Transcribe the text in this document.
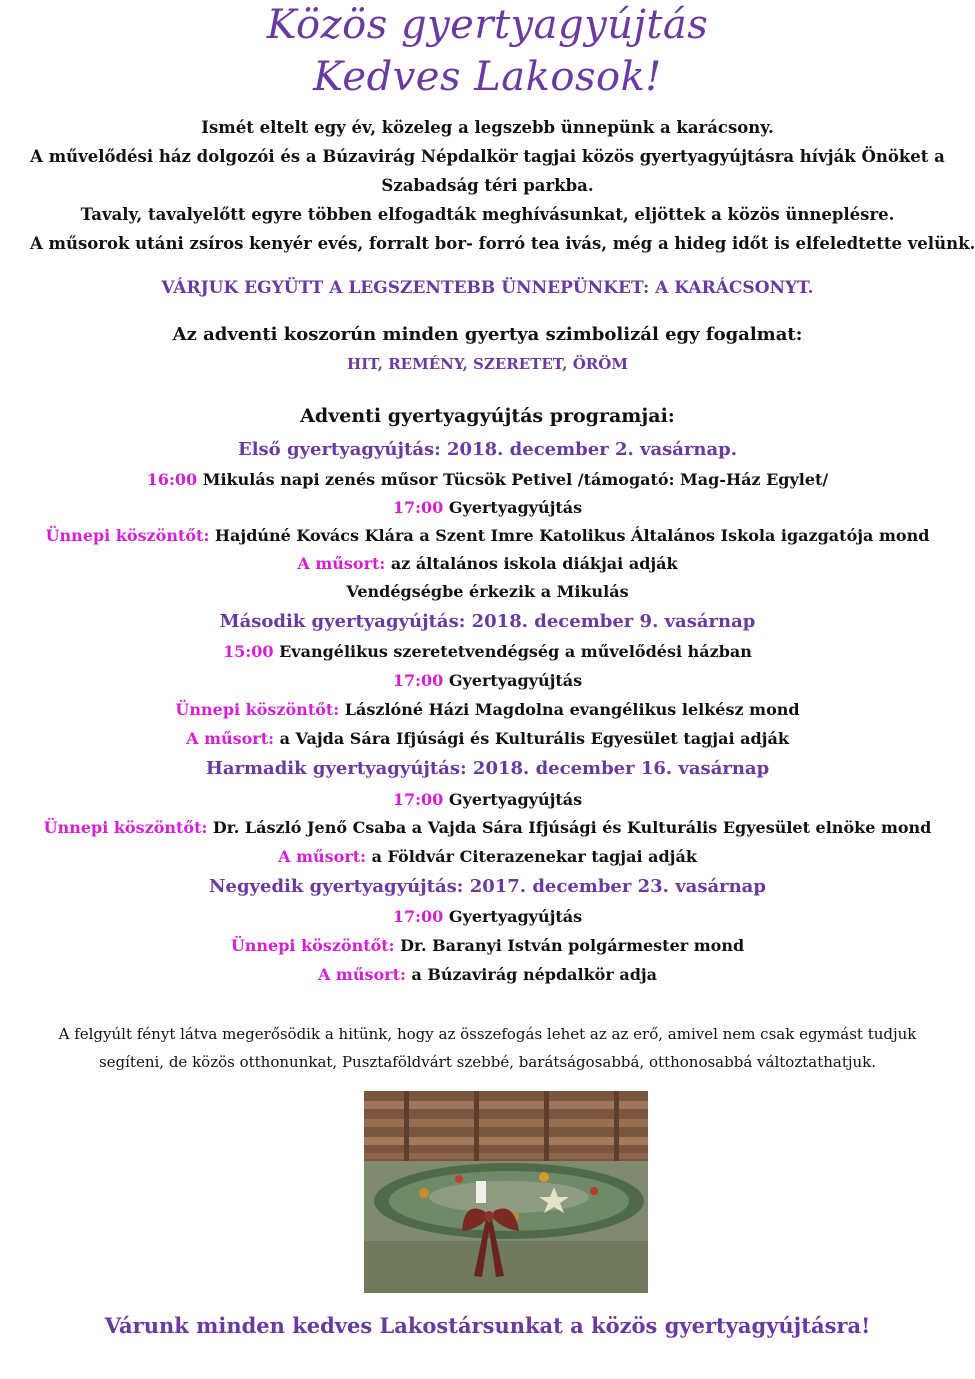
Közös gyertyagyújtás
Kedves Lakosok!
Ismét eltelt egy év, közeleg a legszebb ünnepünk a karácsony.
A művelődési ház dolgozói és a Búzavirág Népdalkör tagjai közös gyertyagyújtásra hívják Önöket a
Szabadság téri parkba.
Tavaly, tavalyelőtt egyre többen elfogadták meghívásunkat, eljöttek a közös ünneplésre.
A műsorok utáni zsíros kenyér evés, forralt bor- forró tea ivás, még a hideg időt is elfeledtette velünk.
VÁRJUK EGYÜTT A LEGSZENTEBB ÜNNEPÜNKET: A KARÁCSONYT.
Az adventi koszorún minden gyertya szimbolizál egy fogalmat:
HIT, REMÉNY, SZERETET, ÖRÖM
Adventi gyertyagyújtás programjai:
Első gyertyagyújtás: 2018. december 2. vasárnap.
16:00 Mikulás napi zenés műsor Tücsök Petivel /támogató: Mag-Ház Egylet/
17:00 Gyertyagyújtás
Ünnepi köszöntőt: Hajdúné Kovács Klára a Szent Imre Katolikus Általános Iskola igazgatója mond
A műsort: az általános iskola diákjai adják
Vendégségbe érkezik a Mikulás
Második gyertyagyújtás: 2018. december 9. vasárnap
15:00 Evangélikus szeretetvendégség a művelődési házban
17:00 Gyertyagyújtás
Ünnepi köszöntőt: Lászlóné Házi Magdolna evangélikus lelkész mond
A műsort: a Vajda Sára Ifjúsági és Kulturális Egyesület tagjai adják
Harmadik gyertyagyújtás: 2018. december 16. vasárnap
17:00 Gyertyagyújtás
Ünnepi köszöntőt: Dr. László Jenő Csaba a Vajda Sára Ifjúsági és Kulturális Egyesület elnöke mond
A műsort: a Földvár Citerazenekar tagjai adják
Negyedik gyertyagyújtás: 2017. december 23. vasárnap
17:00 Gyertyagyújtás
Ünnepi köszöntőt: Dr. Baranyi István polgármester mond
A műsort: a Búzavirág népdalkör adja
A felgyúlt fényt látva megerősödik a hitünk, hogy az összefogás lehet az az erő, amivel nem csak egymást tudjuk
segíteni, de közös otthonunkat, Pusztaföldvárt szebbé, barátságosabbá, otthonosabbá változtathatjuk.
Várunk minden kedves Lakostársunkat a közös gyertyagyújtásra!
